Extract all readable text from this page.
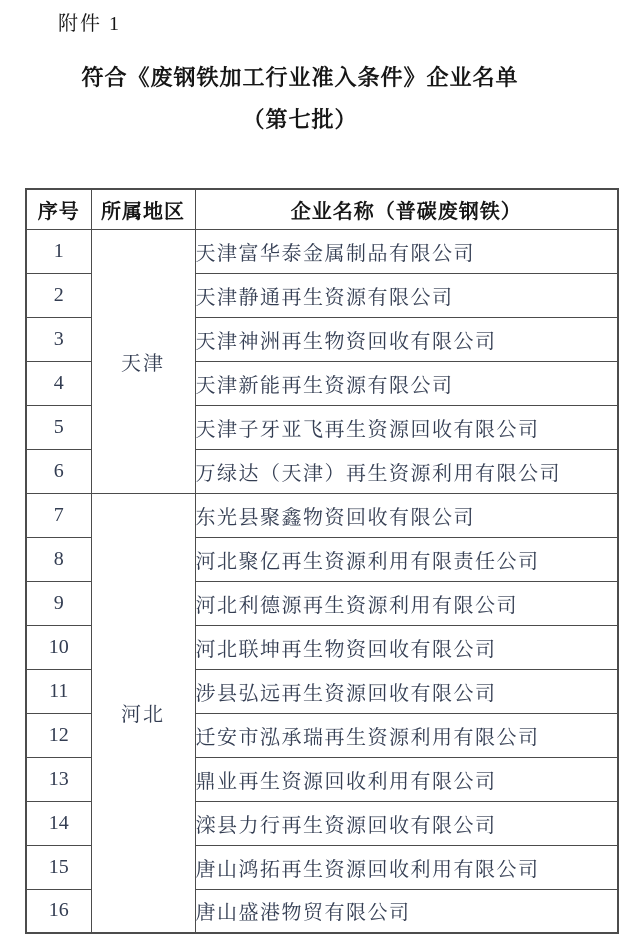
附件 1
符合《废钢铁加工行业准入条件》企业名单
（第七批）
序号	所属地区	企业名称（普碳废钢铁）
1	天津	天津富华泰金属制品有限公司
2		天津静通再生资源有限公司
3		天津神洲再生物资回收有限公司
4		天津新能再生资源有限公司
5		天津子牙亚飞再生资源回收有限公司
6		万绿达（天津）再生资源利用有限公司
7	河北	东光县聚鑫物资回收有限公司
8		河北聚亿再生资源利用有限责任公司
9		河北利德源再生资源利用有限公司
10		河北联坤再生物资回收有限公司
11		涉县弘远再生资源回收有限公司
12		迁安市泓承瑞再生资源利用有限公司
13		鼎业再生资源回收利用有限公司
14		滦县力行再生资源回收有限公司
15		唐山鸿拓再生资源回收利用有限公司
16		唐山盛港物贸有限公司
